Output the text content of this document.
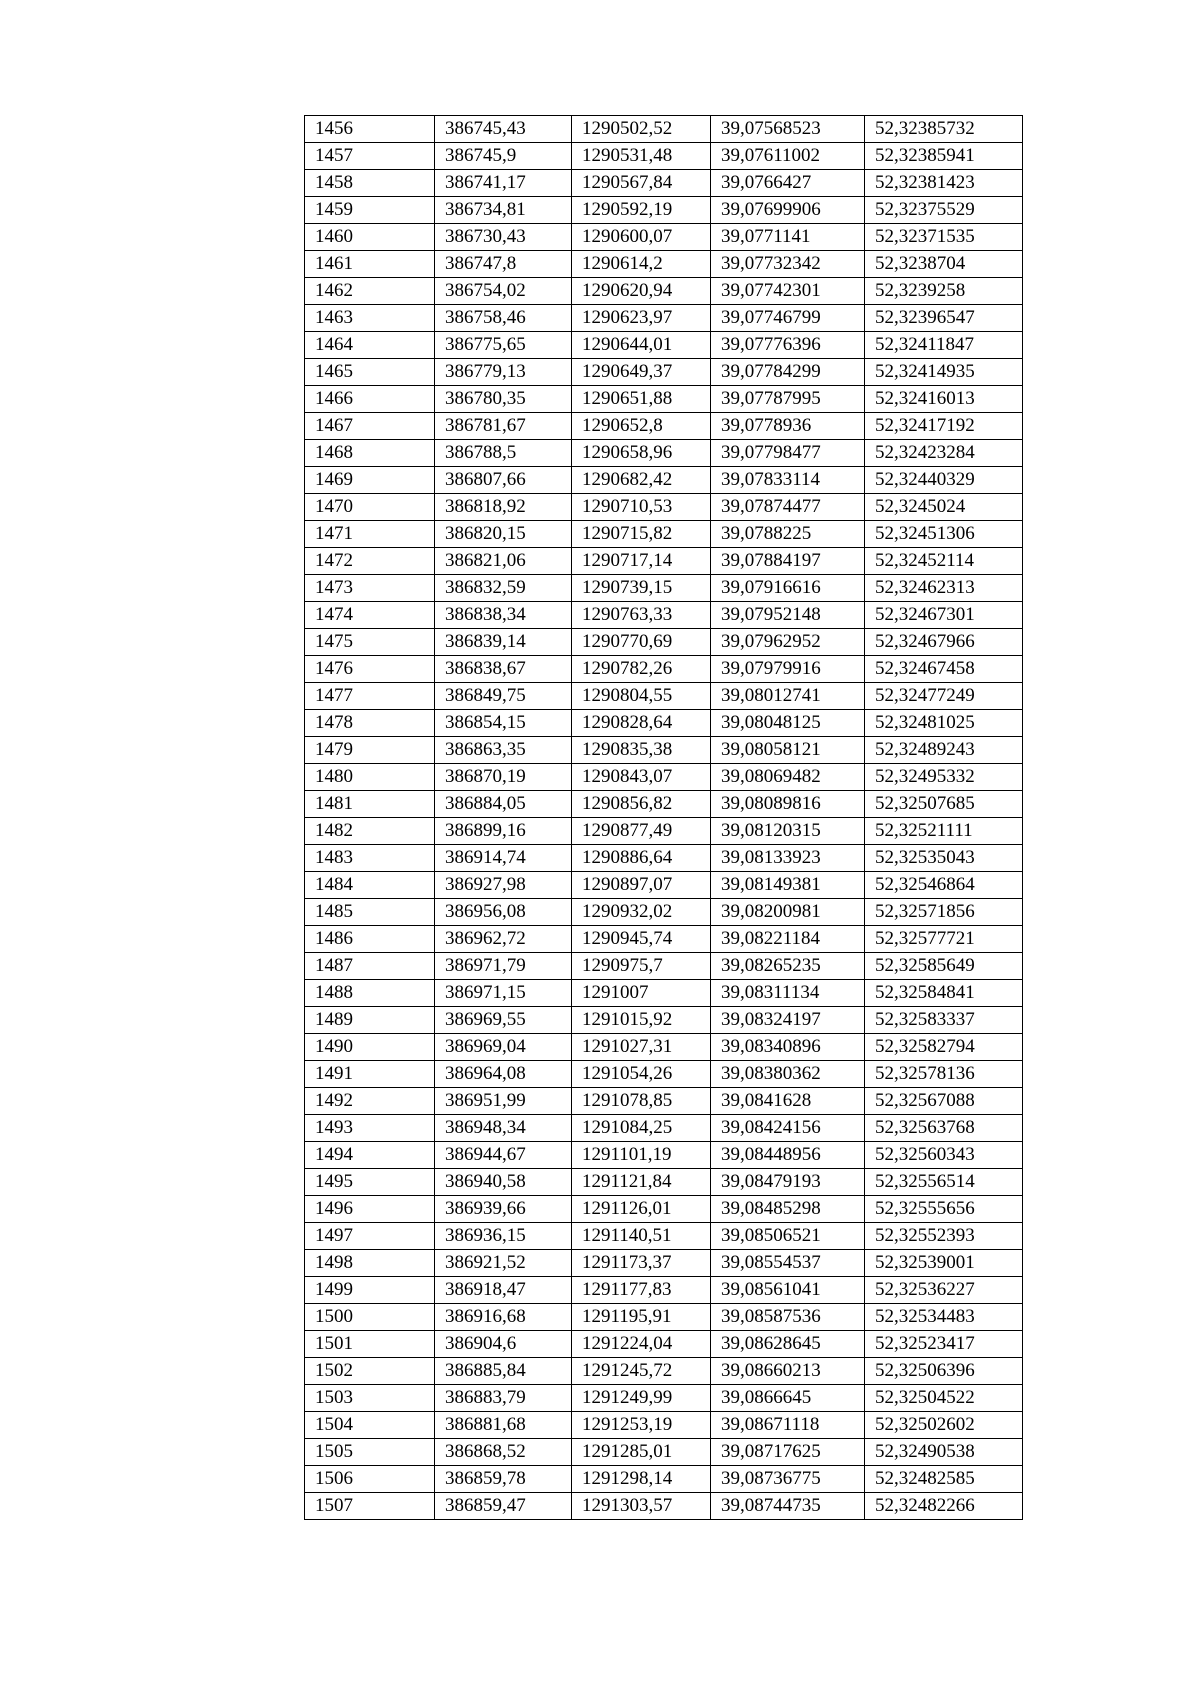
1456	386745,43	1290502,52	39,07568523	52,32385732
1457	386745,9	1290531,48	39,07611002	52,32385941
1458	386741,17	1290567,84	39,0766427	52,32381423
1459	386734,81	1290592,19	39,07699906	52,32375529
1460	386730,43	1290600,07	39,0771141	52,32371535
1461	386747,8	1290614,2	39,07732342	52,3238704
1462	386754,02	1290620,94	39,07742301	52,3239258
1463	386758,46	1290623,97	39,07746799	52,32396547
1464	386775,65	1290644,01	39,07776396	52,32411847
1465	386779,13	1290649,37	39,07784299	52,32414935
1466	386780,35	1290651,88	39,07787995	52,32416013
1467	386781,67	1290652,8	39,0778936	52,32417192
1468	386788,5	1290658,96	39,07798477	52,32423284
1469	386807,66	1290682,42	39,07833114	52,32440329
1470	386818,92	1290710,53	39,07874477	52,3245024
1471	386820,15	1290715,82	39,0788225	52,32451306
1472	386821,06	1290717,14	39,07884197	52,32452114
1473	386832,59	1290739,15	39,07916616	52,32462313
1474	386838,34	1290763,33	39,07952148	52,32467301
1475	386839,14	1290770,69	39,07962952	52,32467966
1476	386838,67	1290782,26	39,07979916	52,32467458
1477	386849,75	1290804,55	39,08012741	52,32477249
1478	386854,15	1290828,64	39,08048125	52,32481025
1479	386863,35	1290835,38	39,08058121	52,32489243
1480	386870,19	1290843,07	39,08069482	52,32495332
1481	386884,05	1290856,82	39,08089816	52,32507685
1482	386899,16	1290877,49	39,08120315	52,32521111
1483	386914,74	1290886,64	39,08133923	52,32535043
1484	386927,98	1290897,07	39,08149381	52,32546864
1485	386956,08	1290932,02	39,08200981	52,32571856
1486	386962,72	1290945,74	39,08221184	52,32577721
1487	386971,79	1290975,7	39,08265235	52,32585649
1488	386971,15	1291007	39,08311134	52,32584841
1489	386969,55	1291015,92	39,08324197	52,32583337
1490	386969,04	1291027,31	39,08340896	52,32582794
1491	386964,08	1291054,26	39,08380362	52,32578136
1492	386951,99	1291078,85	39,0841628	52,32567088
1493	386948,34	1291084,25	39,08424156	52,32563768
1494	386944,67	1291101,19	39,08448956	52,32560343
1495	386940,58	1291121,84	39,08479193	52,32556514
1496	386939,66	1291126,01	39,08485298	52,32555656
1497	386936,15	1291140,51	39,08506521	52,32552393
1498	386921,52	1291173,37	39,08554537	52,32539001
1499	386918,47	1291177,83	39,08561041	52,32536227
1500	386916,68	1291195,91	39,08587536	52,32534483
1501	386904,6	1291224,04	39,08628645	52,32523417
1502	386885,84	1291245,72	39,08660213	52,32506396
1503	386883,79	1291249,99	39,0866645	52,32504522
1504	386881,68	1291253,19	39,08671118	52,32502602
1505	386868,52	1291285,01	39,08717625	52,32490538
1506	386859,78	1291298,14	39,08736775	52,32482585
1507	386859,47	1291303,57	39,08744735	52,32482266
